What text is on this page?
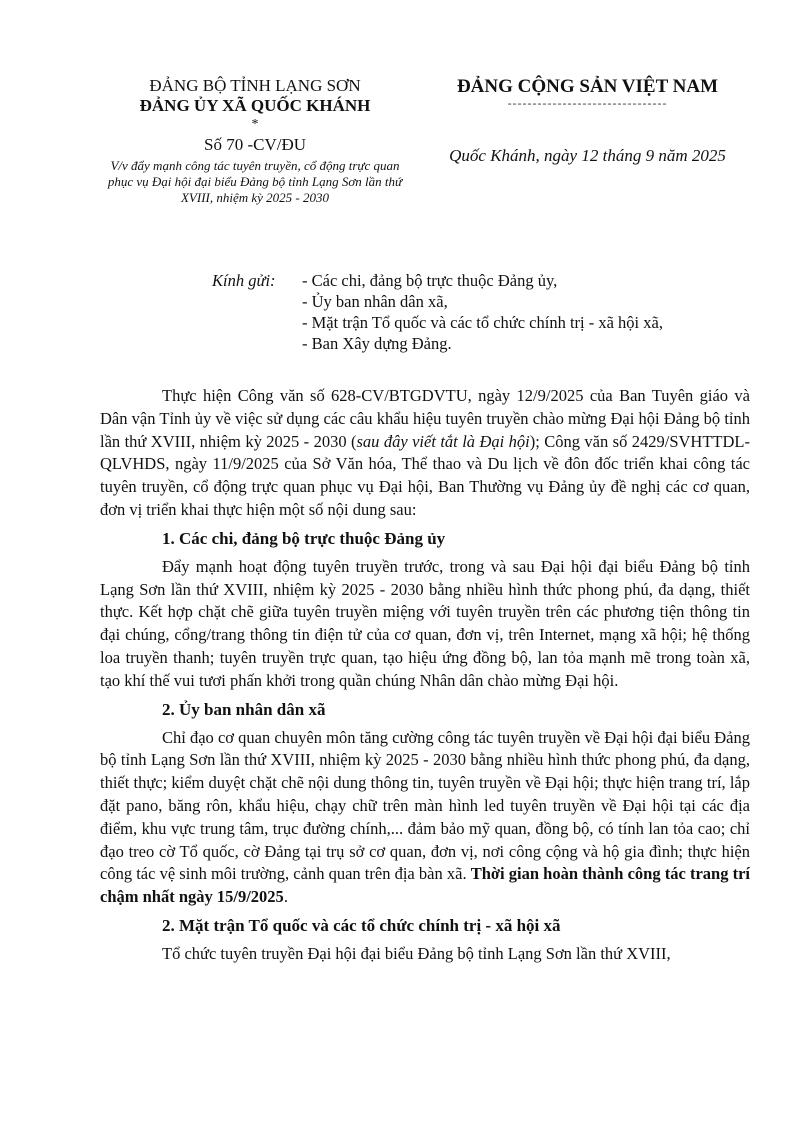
ĐẢNG BỘ TỈNH LẠNG SƠN
ĐẢNG ỦY XÃ QUỐC KHÁNH
*
Số 70 -CV/ĐU
V/v đẩy mạnh công tác tuyên truyền, cổ động trực quan phục vụ Đại hội đại biểu Đảng bộ tỉnh Lạng Sơn lần thứ XVIII, nhiệm kỳ 2025 - 2030
ĐẢNG CỘNG SẢN VIỆT NAM
--------------------------------
Quốc Khánh, ngày 12 tháng 9 năm 2025
Kính gửi: - Các chi, đảng bộ trực thuộc Đảng ủy,
- Ủy ban nhân dân xã,
- Mặt trận Tổ quốc và các tổ chức chính trị - xã hội xã,
- Ban Xây dựng Đảng.

Thực hiện Công văn số 628-CV/BTGDVTU, ngày 12/9/2025 của Ban Tuyên giáo và Dân vận Tỉnh ủy về việc sử dụng các câu khẩu hiệu tuyên truyền chào mừng Đại hội Đảng bộ tỉnh lần thứ XVIII, nhiệm kỳ 2025 - 2030 (sau đây viết tắt là Đại hội); Công văn số 2429/SVHTTDL-QLVHDS, ngày 11/9/2025 của Sở Văn hóa, Thể thao và Du lịch về đôn đốc triển khai công tác tuyên truyền, cổ động trực quan phục vụ Đại hội, Ban Thường vụ Đảng ủy đề nghị các cơ quan, đơn vị triển khai thực hiện một số nội dung sau:

1. Các chi, đảng bộ trực thuộc Đảng ủy

Đẩy mạnh hoạt động tuyên truyền trước, trong và sau Đại hội đại biểu Đảng bộ tỉnh Lạng Sơn lần thứ XVIII, nhiệm kỳ 2025 - 2030 bằng nhiều hình thức phong phú, đa dạng, thiết thực. Kết hợp chặt chẽ giữa tuyên truyền miệng với tuyên truyền trên các phương tiện thông tin đại chúng, cổng/trang thông tin điện tử của cơ quan, đơn vị, trên Internet, mạng xã hội; hệ thống loa truyền thanh; tuyên truyền trực quan, tạo hiệu ứng đồng bộ, lan tỏa mạnh mẽ trong toàn xã, tạo khí thế vui tươi phấn khởi trong quần chúng Nhân dân chào mừng Đại hội.

2. Ủy ban nhân dân xã

Chỉ đạo cơ quan chuyên môn tăng cường công tác tuyên truyền về Đại hội đại biểu Đảng bộ tỉnh Lạng Sơn lần thứ XVIII, nhiệm kỳ 2025 - 2030 bằng nhiều hình thức phong phú, đa dạng, thiết thực; kiểm duyệt chặt chẽ nội dung thông tin, tuyên truyền về Đại hội; thực hiện trang trí, lắp đặt pano, băng rôn, khẩu hiệu, chạy chữ trên màn hình led tuyên truyền về Đại hội tại các địa điểm, khu vực trung tâm, trục đường chính,... đảm bảo mỹ quan, đồng bộ, có tính lan tỏa cao; chỉ đạo treo cờ Tổ quốc, cờ Đảng tại trụ sở cơ quan, đơn vị, nơi công cộng và hộ gia đình; thực hiện công tác vệ sinh môi trường, cảnh quan trên địa bàn xã. Thời gian hoàn thành công tác trang trí chậm nhất ngày 15/9/2025.

2. Mặt trận Tổ quốc và các tổ chức chính trị - xã hội xã

Tổ chức tuyên truyền Đại hội đại biểu Đảng bộ tỉnh Lạng Sơn lần thứ XVIII,
